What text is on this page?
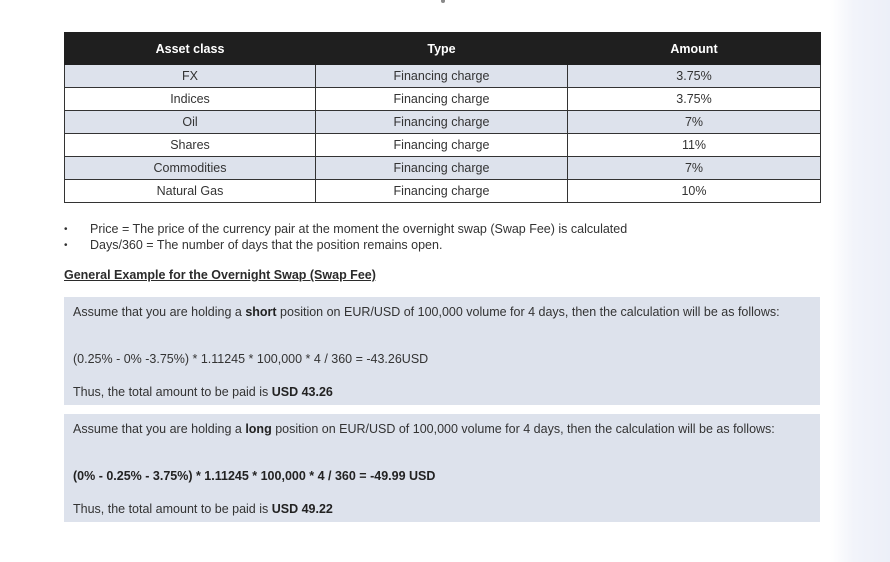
Asset class	Type	Amount
FX	Financing charge	3.75%
Indices	Financing charge	3.75%
Oil	Financing charge	7%
Shares	Financing charge	11%
Commodities	Financing charge	7%
Natural Gas	Financing charge	10%
•	Price = The price of the currency pair at the moment the overnight swap (Swap Fee) is calculated
•	Days/360 = The number of days that the position remains open.
General Example for the Overnight Swap (Swap Fee)
Assume that you are holding a short position on EUR/USD of 100,000 volume for 4 days, then the calculation will be as follows:
(0.25% - 0% -3.75%) * 1.11245 * 100,000 * 4 / 360 = -43.26USD
Thus, the total amount to be paid is USD 43.26
Assume that you are holding a long position on EUR/USD of 100,000 volume for 4 days, then the calculation will be as follows:
(0% - 0.25% - 3.75%) * 1.11245 * 100,000 * 4 / 360 = -49.99 USD
Thus, the total amount to be paid is USD 49.22
